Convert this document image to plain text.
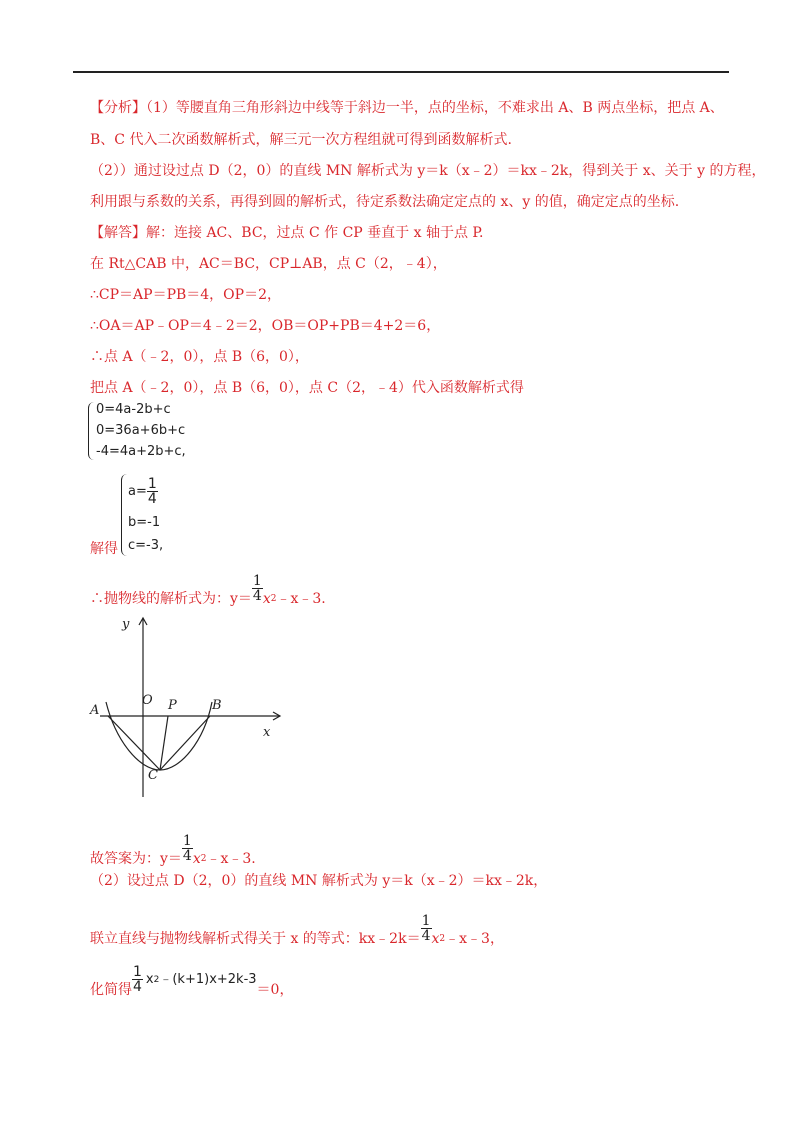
【分析】（1）等腰直角三角形斜边中线等于斜边一半，点的坐标，不难求出 A、B 两点坐标，把点 A、
B、C 代入二次函数解析式，解三元一次方程组就可得到函数解析式.
（2））通过设过点 D（2，0）的直线 MN 解析式为 y＝k（x﹣2）＝kx﹣2k，得到关于 x、关于 y 的方程，
利用跟与系数的关系，再得到圆的解析式，待定系数法确定定点的 x、y 的值，确定定点的坐标.
【解答】解：连接 AC、BC，过点 C 作 CP 垂直于 x 轴于点 P.
在 Rt△CAB 中，AC＝BC，CP⊥AB，点 C（2，﹣4），
∴CP＝AP＝PB＝4，OP＝2，
∴OA＝AP﹣OP＝4﹣2＝2，OB＝OP+PB＝4+2＝6，
∴点 A（﹣2，0），点 B（6，0），
把点 A（﹣2，0），点 B（6，0），点 C（2，﹣4）代入函数解析式得
0=4a-2b+c
0=36a+6b+c
-4=4a+2b+c,
解得
$a= \frac{1}{4}$
b=-1
c=-3,
∴抛物线的解析式为：$y= \frac{1}{4}$ x 2 ﹣x﹣3.
y
x
O P
A	B
C
故答案为：$y= \frac{1}{4}$ x 2 ﹣x﹣3.
（2）设过点 D（2，0）的直线 MN 解析式为 y＝k（x﹣2）＝kx﹣2k，
联立直线与抛物线解析式得关于 x 的等式：kx﹣2k＝ $\frac{1}{4}$ x 2 ﹣x﹣3，
化简得 $\frac{1}{4}$ x 2 ﹣(k+1)x+2k-3
＝0，
